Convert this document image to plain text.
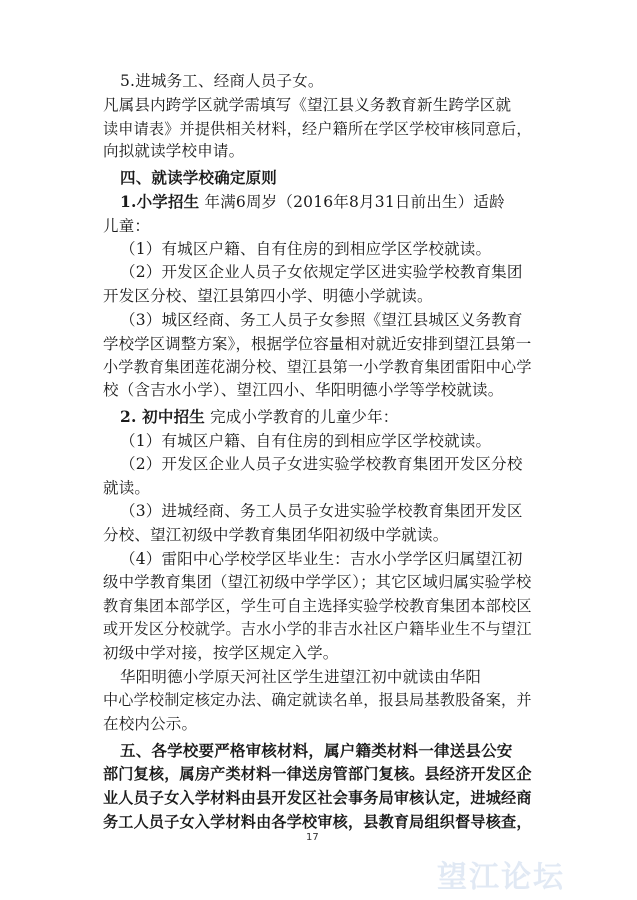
5.进城务工、经商人员子女。
凡属县内跨学区就学需填写《望江县义务教育新生跨学区就
读申请表》并提供相关材料，经户籍所在学区学校审核同意后，
向拟就读学校申请。
四、就读学校确定原则
1.小学招生 年满6周岁（2016年8月31日前出生）适龄
儿童：
（1）有城区户籍、自有住房的到相应学区学校就读。
（2）开发区企业人员子女依规定学区进实验学校教育集团
开发区分校、望江县第四小学、明德小学就读。
（3）城区经商、务工人员子女参照《望江县城区义务教育
学校学区调整方案》，根据学位容量相对就近安排到望江县第一
小学教育集团莲花湖分校、望江县第一小学教育集团雷阳中心学
校（含吉水小学）、望江四小、华阳明德小学等学校就读。
2. 初中招生 完成小学教育的儿童少年：
（1）有城区户籍、自有住房的到相应学区学校就读。
（2）开发区企业人员子女进实验学校教育集团开发区分校
就读。
（3）进城经商、务工人员子女进实验学校教育集团开发区
分校、望江初级中学教育集团华阳初级中学就读。
（4）雷阳中心学校学区毕业生：吉水小学学区归属望江初
级中学教育集团（望江初级中学学区）；其它区域归属实验学校
教育集团本部学区，学生可自主选择实验学校教育集团本部校区
或开发区分校就学。吉水小学的非吉水社区户籍毕业生不与望江
初级中学对接，按学区规定入学。
华阳明德小学原天河社区学生进望江初中就读由华阳
中心学校制定核定办法、确定就读名单，报县局基教股备案，并
在校内公示。
五、各学校要严格审核材料，属户籍类材料一律送县公安
部门复核，属房产类材料一律送房管部门复核。县经济开发区企
业人员子女入学材料由县开发区社会事务局审核认定，进城经商
务工人员子女入学材料由各学校审核，县教育局组织督导核查，
17
望江论坛
